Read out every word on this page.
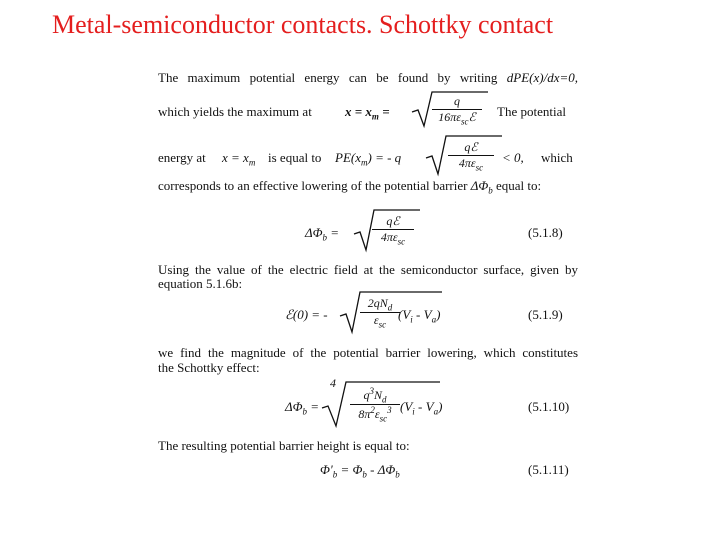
Metal-semiconductor contacts. Schottky contact
The maximum potential energy can be found by writing dPE(x)/dx=0,
which yields the maximum at	$x = x_m$ =
q
$16\pi\varepsilon_{sc}ℰ$	The potential
energy at $x = x_m$ is equal to $PE(x_m)$ = - q
qℰ
$4\pi\varepsilon_{sc}$
< 0, which
corresponds to an effective lowering of the potential barrier $\Delta\Phi_b$ equal to:
$\Delta\Phi_b$ =
qℰ
$4\pi\varepsilon_{sc}$
(5.1.8)
Using the value of the electric field at the semiconductor surface, given by
equation 5.1.6b:
ℰ(0) = -
$2qN_d$
$\varepsilon_{sc}$
$(V_i - V_a)$	(5.1.9)
we find the magnitude of the potential barrier lowering, which constitutes
the Schottky effect:
4
$\Delta\Phi_b$ =
$q^3N_d$
$8\pi^2\varepsilon_{sc}^3$ $(V_i - V_a)$	(5.1.10)
The resulting potential barrier height is equal to:
$\Phi'_b = \Phi_b - \Delta\Phi_b$	(5.1.11)
